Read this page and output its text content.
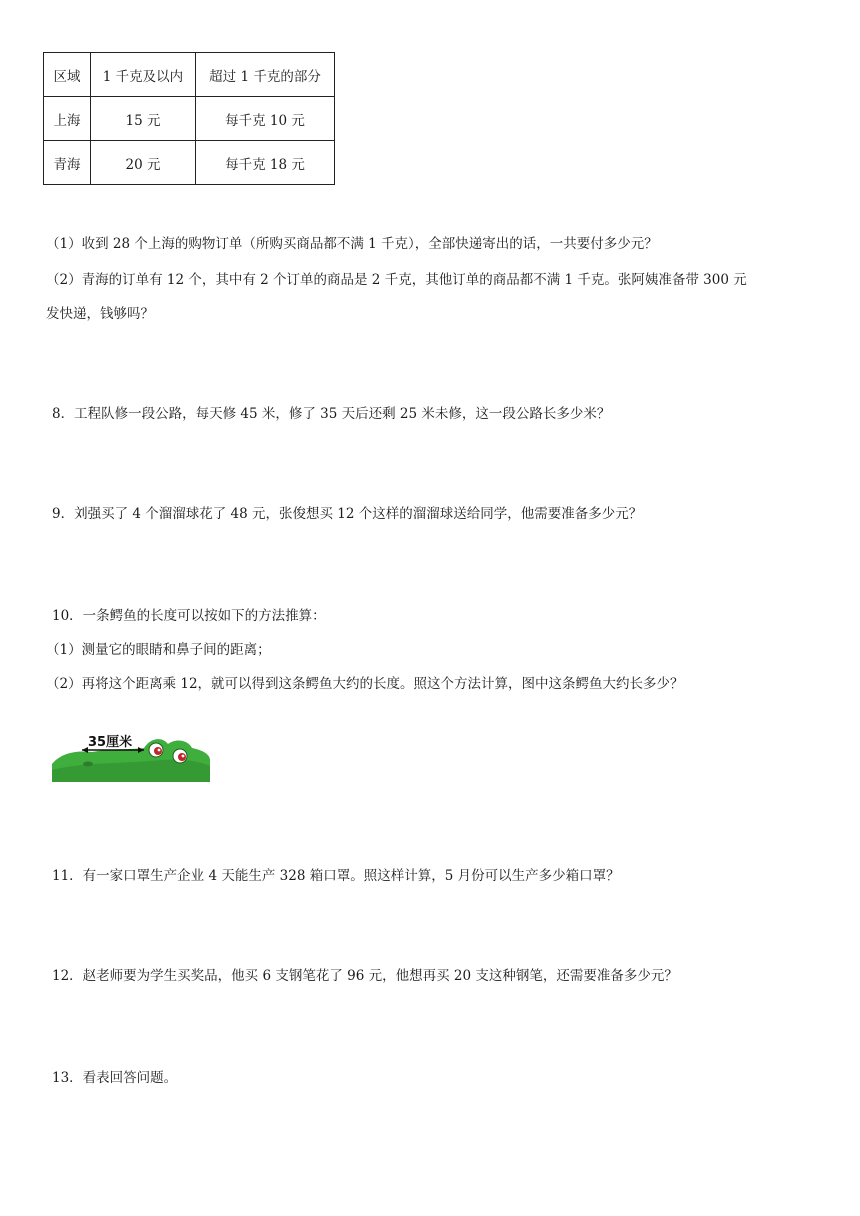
区域	1 千克及以内	超过 1 千克的部分
上海	15 元	每千克 10 元
青海	20 元	每千克 18 元
（1）收到 28 个上海的购物订单（所购买商品都不满 1 千克），全部快递寄出的话，一共要付多少元？
（2）青海的订单有 12 个，其中有 2 个订单的商品是 2 千克，其他订单的商品都不满 1 千克。张阿姨准备带 300 元
发快递，钱够吗？
8．工程队修一段公路，每天修 45 米，修了 35 天后还剩 25 米未修，这一段公路长多少米？
9．刘强买了 4 个溜溜球花了 48 元，张俊想买 12 个这样的溜溜球送给同学，他需要准备多少元？
10．一条鳄鱼的长度可以按如下的方法推算：
（1）测量它的眼睛和鼻子间的距离；
（2）再将这个距离乘 12，就可以得到这条鳄鱼大约的长度。照这个方法计算，图中这条鳄鱼大约长多少？
35厘米
11．有一家口罩生产企业 4 天能生产 328 箱口罩。照这样计算，5 月份可以生产多少箱口罩？
12．赵老师要为学生买奖品，他买 6 支钢笔花了 96 元，他想再买 20 支这种钢笔，还需要准备多少元？
13．看表回答问题。
